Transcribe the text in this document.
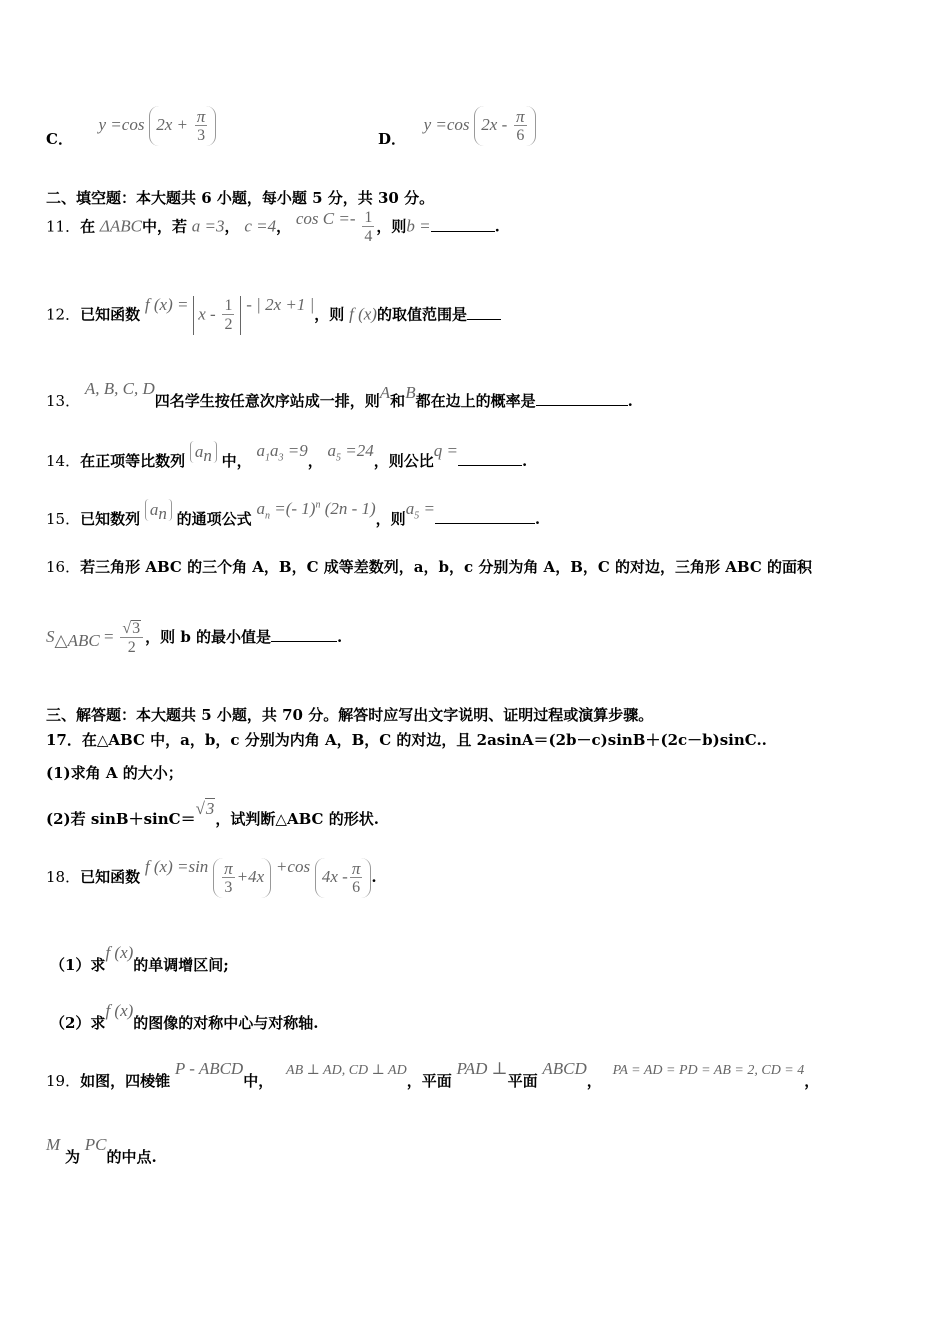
C．  y =cos $2x + \frac{\pi}{3}$	D．  y =cos $2x - \frac{\pi}{6}$
二、填空题：本大题共 6 小题，每小题 5 分，共 30 分。
11．在 ΔABC中，若 a =3， c =4， $\cos C =- \frac{1}{4}$ ，则b =	.
12．已知函数 f $(x) = x - \frac{1}{2}$ - | 2x +1 |，则 f (x)的取值范围是
13． A, B, C, D四名学生按任意次序站成一排，则A和B都在边上的概率是	.
14．在正项等比数列 $a_n$ 中， $a_1a_3 =9$， $a_5 =24$，则公比q =.
15．已知数列 $a_n$ 的通项公式 $a_n$ =(- 1)$^n$ (2n - 1)，则$a_5$ =.
16．若三角形 ABC 的三个角 A，B，C 成等差数列，a，b，c 分别为角 A，B，C 的对边，三角形 ABC 的面积
$S_{\triangle ABC} = \frac{√3}{2}$ ，则 b 的最小值是	.
三、解答题：本大题共 5 小题，共 70 分。解答时应写出文字说明、证明过程或演算步骤。
17．在△ABC 中，a，b，c 分别为内角 A，B，C 的对边，且 2asinA＝(2b－c)sinB＋(2c－b)sinC..
(1)求角 A 的大小；
(2)若 sinB＋sinC＝√3，试判断△ABC 的形状.
18．已知函数 f $(x) =\sin \frac{\pi}{3} +4x +\cos$ $4x - \frac{\pi}{6}$ .
（1）求f (x)的单调增区间;
（2）求f (x)的图像的对称中心与对称轴.
19．如图，四棱锥 P - ABCD中， AB ⊥ AD, CD ⊥ AD，平面 PAD ⊥平面 ABCD， PA = AD = PD = AB = 2, CD = 4，
M 为 PC的中点.
